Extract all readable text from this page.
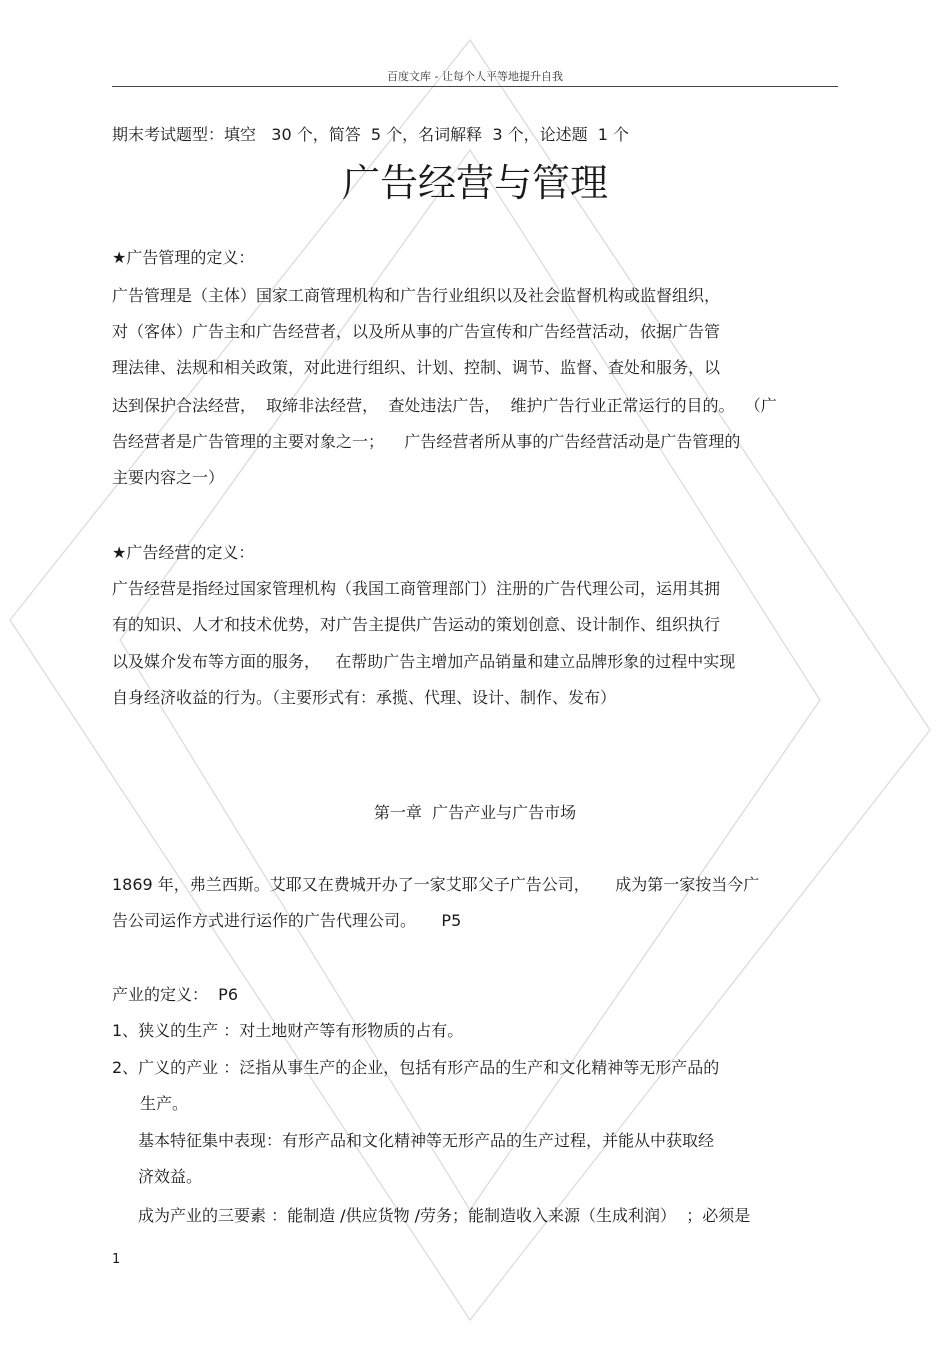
百度文库 - 让每个人平等地提升自我
期末考试题型：填空   30 个，简答  5 个，名词解释  3 个，论述题  1 个
广告经营与管理
★广告管理的定义：
广告管理是（主体）国家工商管理机构和广告行业组织以及社会监督机构或监督组织，
对（客体）广告主和广告经营者，以及所从事的广告宣传和广告经营活动，依据广告管
理法律、法规和相关政策，对此进行组织、计划、控制、调节、监督、查处和服务，以
达到保护合法经营，  取缔非法经营，  查处违法广告，  维护广告行业正常运行的目的。  （广
告经营者是广告管理的主要对象之一；    广告经营者所从事的广告经营活动是广告管理的
主要内容之一）
★广告经营的定义：
广告经营是指经过国家管理机构（我国工商管理部门）注册的广告代理公司，运用其拥
有的知识、人才和技术优势，对广告主提供广告运动的策划创意、设计制作、组织执行
以及媒介发布等方面的服务，   在帮助广告主增加产品销量和建立品牌形象的过程中实现
自身经济收益的行为。（主要形式有：承揽、代理、设计、制作、发布）
第一章  广告产业与广告市场
1869 年，弗兰西斯。艾耶又在费城开办了一家艾耶父子广告公司，     成为第一家按当今广
告公司运作方式进行运作的广告代理公司。     P5
产业的定义：  P6
1、狭义的生产 ：对土地财产等有形物质的占有。
2、广义的产业 ：泛指从事生产的企业，包括有形产品的生产和文化精神等无形产品的
生产。
基本特征集中表现：有形产品和文化精神等无形产品的生产过程，并能从中获取经
济效益。
成为产业的三要素 ：能制造 /供应货物 /劳务；能制造收入来源（生成利润）  ；必须是
1
